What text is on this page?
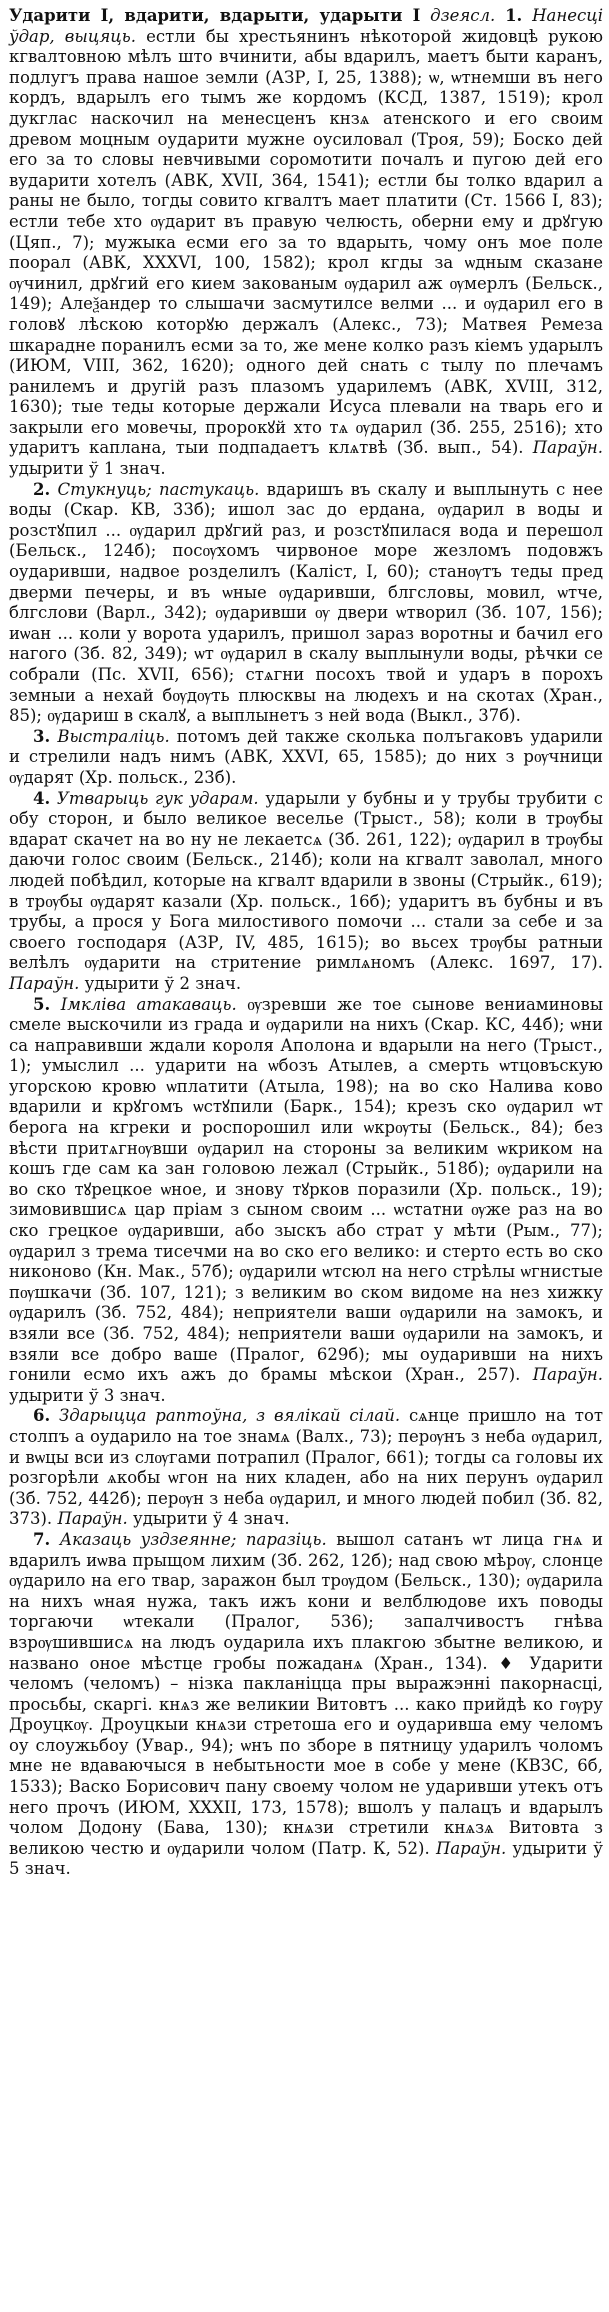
Ударити I, вдарити, вдарыти, ударыти I дзеясл. 1. Нанесці ўдар, выцяць. естли бы хрестьянинъ нѣкоторой жидовцѣ рукою кгвалтовною мѣлъ што вчинити, абы вдарилъ, маетъ быти каранъ, подлугъ права нашое земли (АЗР, I, 25, 1388); ѡ, ѡтнемши въ него кордъ, вдарылъ его тымъ же кордомъ (КСД, 1387, 1519); крол дукглас наскочил на менесценъ кнзѧ атенского и его своим древом моцным оударити мужне оусиловал (Троя, 59); Боско дей его за то словы невчивыми соромотити почалъ и пугою дей его вударити хотелъ (АВК, XVII, 364, 1541); естли бы толко вдарил а раны не было, тогды совито кгвалтъ мает платити (Ст. 1566 I, 83); естли тебе хто ѹдарит въ правую челюсть, оберни ему и дрꙋгую (Цяп., 7); мужыка есми его за то вдарыть, чому онъ мое поле поорал (АВК, XXXVI, 100, 1582); крол кгды за ѡдным сказане ѹчинил, дрꙋгий его кием закованым ѹдарил аж ѹмерлъ (Бельск., 149); Алеѯандер то слышачи засмутилсе велми ... и ѹдарил его в головꙋ лѣскою которꙋю держалъ (Алекс., 73); Матвея Ремеза шкарадне поранилъ есми за то, же мене колко разъ кіемъ ударылъ (ИЮМ, VIII, 362, 1620); одного дей снать с тылу по плечамъ ранилемъ и другій разъ плазомъ ударилемъ (АВК, XVIII, 312, 1630); тые теды которые держали Исуса плевали на тварь его и закрыли его мовечы, пророкꙋй хто тѧ ѹдарил (Зб. 255, 2516); хто ударитъ каплана, тыи подпадаетъ клѧтвѣ (Зб. вып., 54). Параўн. удырити ў 1 знач.

2. Стукнуць; пастукаць. вдаришъ въ скалу и выплынуть с нее воды (Скар. КВ, 33б); ишол зас до ердана, ѹдарил в воды и розстꙋпил ... ѹдарил дрꙋгий раз, и розстꙋпилася вода и перешол (Бельск., 124б); посѹхомъ чирвоное море жезломъ подовжъ оударивши, надвое розделилъ (Калiст, I, 60); станѹтъ теды пред дверми печеры, и въ ѡные ѹдаривши, блгсловы, мовил, ѡтче, блгслови (Варл., 342); ѹдаривши ѹ двери ѡтворил (Зб. 107, 156); иѡан ... коли у ворота ударилъ, пришол зараз воротны и бачил его нагого (Зб. 82, 349); ѡт ѹдарил в скалу выплынули воды, рѣчки се собрали (Пс. XVII, 656); стѧгни посохъ твой и ударъ в порохъ земныи а нехай бѹдѹть плюсквы на людехъ и на скотах (Хран., 85); ѹдариш в скалꙋ, а выплынетъ з ней вода (Выкл., 37б).

3. Выстраліць. потомъ дей также сколька полъгаковъ ударили и стрелили надъ нимъ (АВК, XXVI, 65, 1585); до них з рѹчници ѹдарят (Хр. польск., 23б).

4. Утварыць гук ударам. ударыли у бубны и у трубы трубити с обу сторон, и было великое веселье (Трыст., 58); коли в трѹбы вдарат скачет на во ну не лекаетсѧ (Зб. 261, 122); ѹдарил в трѹбы даючи голос своим (Бельск., 214б); коли на кгвалт заволал, много людей побѣдил, которые на кгвалт вдарили в звоны (Стрыйк., 619); в трѹбы ѹдарят казали (Хр. польск., 16б); ударитъ въ бубны и въ трубы, а прося у Бога милостивого помочи ... стали за себе и за своего господаря (АЗР, IV, 485, 1615); во вьсех трѹбы ратныи велѣлъ ѹдарити на стритение римлѧномъ (Алекс. 1697, 17). Параўн. удырити ў 2 знач.

5. Імкліва атакаваць. ѹзревши же тое сынове вениаминовы смеле выскочили из града и ѹдарили на нихъ (Скар. КС, 44б); ѡни са направивши ждали короля Аполона и вдарыли на него (Трыст., 1); умыслил ... ударити на ѡбозъ Атылев, а смерть ѡтцовъскую угорскою кровю ѡплатити (Атыла, 198); на во ско Налива ково вдарили и крꙋгомъ ѡстꙋпили (Барк., 154); крезъ ско ѹдарил ѡт берога на кгреки и роспорошил или ѡкрѹты (Бельск., 84); без вѣсти притѧгнѹвши ѹдарил на стороны за великим ѡкриком на кошъ где сам ка зан головою лежал (Стрыйк., 518б); ѹдарили на во ско тꙋрецкое ѡное, и знову тꙋрков поразили (Хр. польск., 19); зимовившисѧ цар прiам з сыном своим ... ѡстатни ѹже раз на во ско грецкое ѹдаривши, або зыскъ або страт у мѣти (Рым., 77); ѹдарил з трема тисечми на во ско его велико: и стерто есть во ско никоново (Кн. Мак., 57б); ѹдарили ѡтсюл на него стрѣлы ѡгнистые пѹшкачи (Зб. 107, 121); з великим во ском видоме на нез хижку ѹдарилъ (Зб. 752, 484); неприятели ваши ѹдарили на замокъ, и взяли все (Зб. 752, 484); неприятели ваши ѹдарили на замокъ, и взяли все добро ваше (Пралог, 629б); мы оударивши на нихъ гонили есмо ихъ ажъ до брамы мѣскои (Хран., 257). Параўн. удырити ў 3 знач.

6. Здарыцца раптоўна, з вялікай сілай. сѧнце пришло на тот столпъ а оударило на тое знамѧ (Валх., 73); перѹнъ з неба ѹдарил, и вѡцы вси из слѹгами потрапил (Пралог, 661); тогды са головы их розгорѣли ѧкобы ѡгон на них кладен, або на них перунъ ѹдарил (Зб. 752, 442б); перѹн з неба ѹдарил, и много людей побил (Зб. 82, 373). Параўн. удырити ў 4 знач.

7. Аказаць уздзеянне; паразіць. вышол сатанъ ѡт лица гнѧ и вдарилъ иѡва прыщом лихим (Зб. 262, 12б); над свою мѣрѹ, слонце ѹдарило на его твар, заражон был трѹдом (Бельск., 130); ѹдарила на нихъ ѡная нужа, такъ ижъ кони и велблюдове ихъ поводы торгаючи ѡтекали (Пралог, 536); запалчивостъ гнѣва взрѹшившисѧ на людъ оударила ихъ плакгою збытне великою, и названо оное мѣстце гробы пожаданѧ (Хран., 134). ♦ Ударити челомъ (челомъ) – нізка пакланіцца пры выражэнні пакорнасці, просьбы, скаргі. кнѧз же великии Витовтъ ... како прийдѣ ко гѹру Дроуцкѹ. Дроуцкыи кнѧзи стретоша его и оударивша ему челомъ оу слоужьбоу (Увар., 94); ѡнъ по зборе в пятницу ударилъ чоломъ мне не вдаваючыся в небытьности мое в собе у мене (КВЗС, 6б, 1533); Васко Борисович пану своему чолом не ударивши утекъ отъ него прочъ (ИЮМ, XXXII, 173, 1578); вшолъ у палацъ и вдарылъ чолом Додону (Бава, 130); кнѧзи стретили кнѧзѧ Витовта з великою честю и ѹдарили чолом (Патр. К, 52). Параўн. удырити ў 5 знач.
